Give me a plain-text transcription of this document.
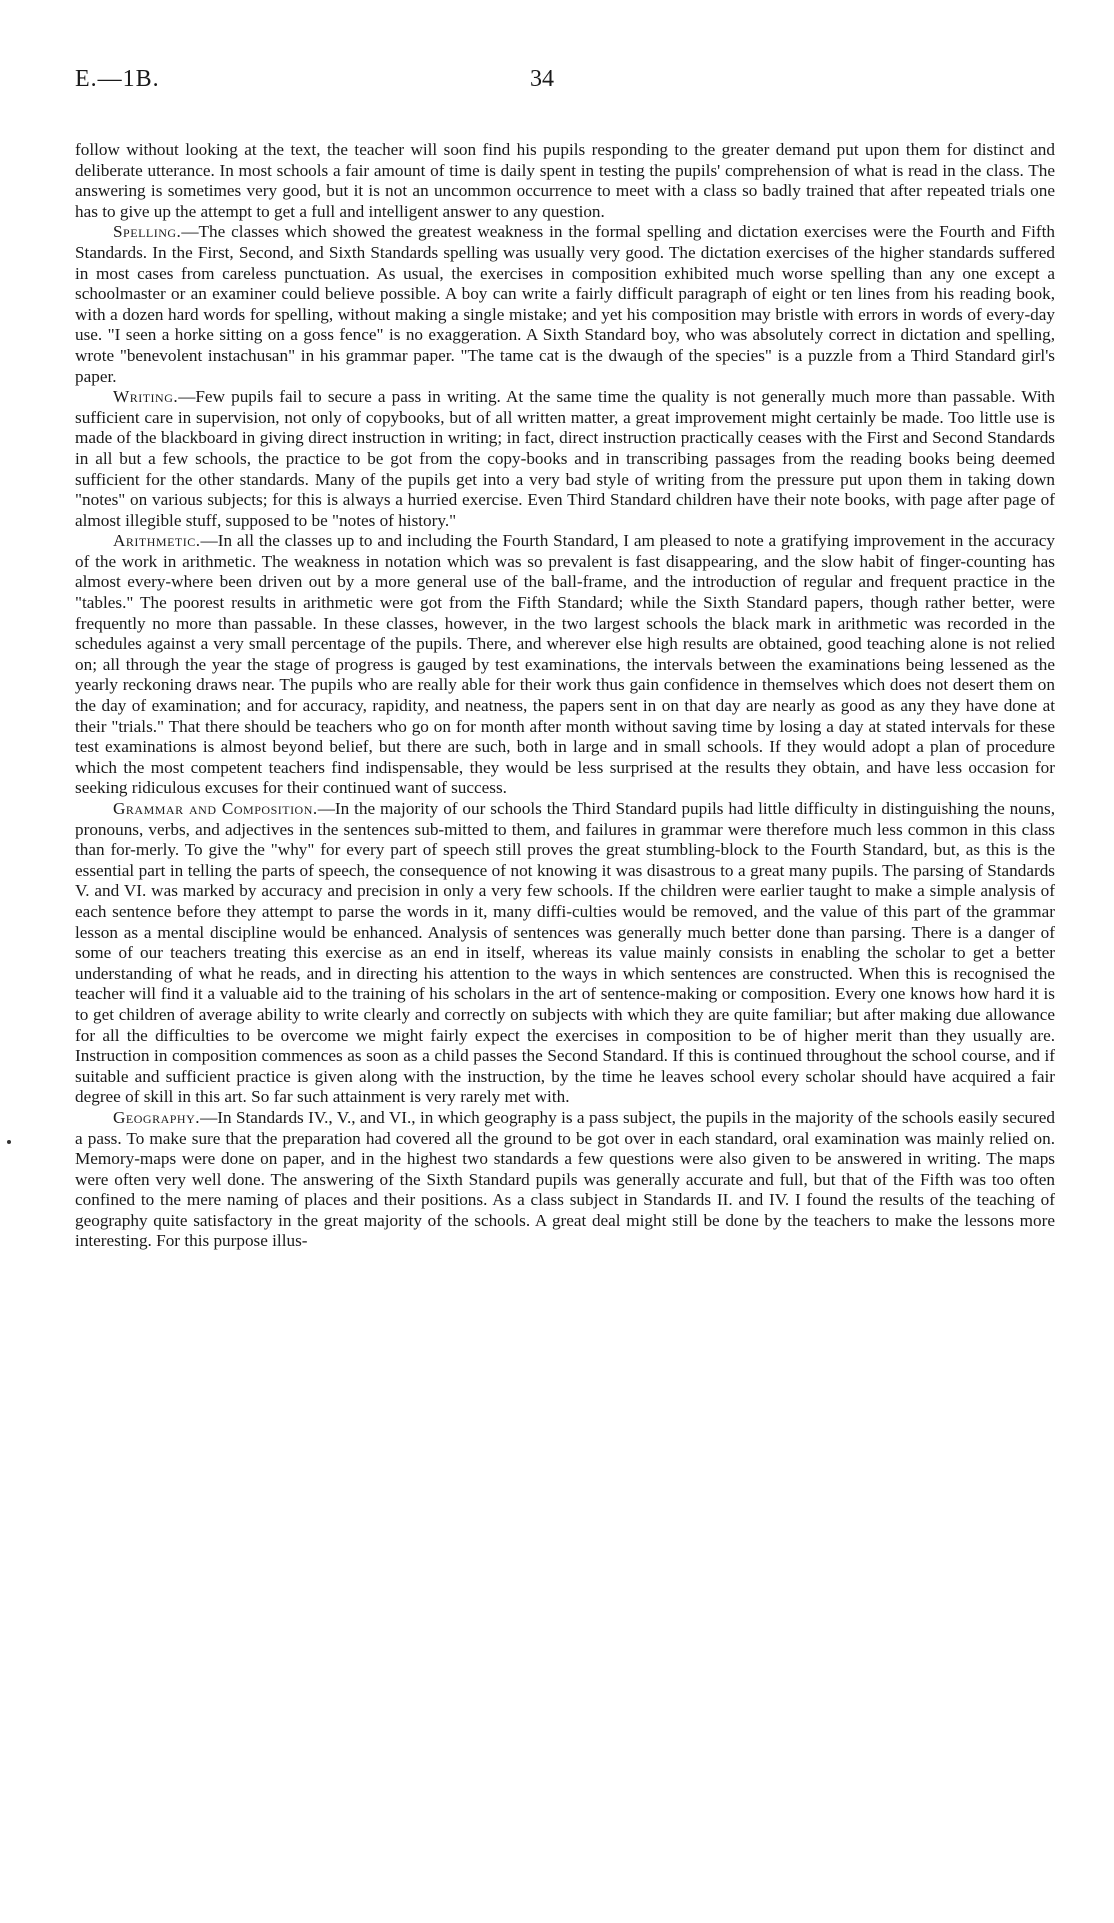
E.—1B.	34

follow without looking at the text, the teacher will soon find his pupils responding to the greater demand put upon them for distinct and deliberate utterance. In most schools a fair amount of time is daily spent in testing the pupils' comprehension of what is read in the class. The answering is sometimes very good, but it is not an uncommon occurrence to meet with a class so badly trained that after repeated trials one has to give up the attempt to get a full and intelligent answer to any question.

Spelling.—The classes which showed the greatest weakness in the formal spelling and dictation exercises were the Fourth and Fifth Standards. In the First, Second, and Sixth Standards spelling was usually very good. The dictation exercises of the higher standards suffered in most cases from careless punctuation. As usual, the exercises in composition exhibited much worse spelling than any one except a schoolmaster or an examiner could believe possible. A boy can write a fairly difficult paragraph of eight or ten lines from his reading book, with a dozen hard words for spelling, without making a single mistake; and yet his composition may bristle with errors in words of every-day use. "I seen a horke sitting on a goss fence" is no exaggeration. A Sixth Standard boy, who was absolutely correct in dictation and spelling, wrote "benevolent instachusan" in his grammar paper. "The tame cat is the dwaugh of the species" is a puzzle from a Third Standard girl's paper.

Writing.—Few pupils fail to secure a pass in writing. At the same time the quality is not generally much more than passable. With sufficient care in supervision, not only of copybooks, but of all written matter, a great improvement might certainly be made. Too little use is made of the blackboard in giving direct instruction in writing; in fact, direct instruction practically ceases with the First and Second Standards in all but a few schools, the practice to be got from the copy-books and in transcribing passages from the reading books being deemed sufficient for the other standards. Many of the pupils get into a very bad style of writing from the pressure put upon them in taking down "notes" on various subjects; for this is always a hurried exercise. Even Third Standard children have their note books, with page after page of almost illegible stuff, supposed to be "notes of history."

Arithmetic.—In all the classes up to and including the Fourth Standard, I am pleased to note a gratifying improvement in the accuracy of the work in arithmetic. The weakness in notation which was so prevalent is fast disappearing, and the slow habit of finger-counting has almost every-where been driven out by a more general use of the ball-frame, and the introduction of regular and frequent practice in the "tables." The poorest results in arithmetic were got from the Fifth Standard; while the Sixth Standard papers, though rather better, were frequently no more than passable. In these classes, however, in the two largest schools the black mark in arithmetic was recorded in the schedules against a very small percentage of the pupils. There, and wherever else high results are obtained, good teaching alone is not relied on; all through the year the stage of progress is gauged by test examinations, the intervals between the examinations being lessened as the yearly reckoning draws near. The pupils who are really able for their work thus gain confidence in themselves which does not desert them on the day of examination; and for accuracy, rapidity, and neatness, the papers sent in on that day are nearly as good as any they have done at their "trials." That there should be teachers who go on for month after month without saving time by losing a day at stated intervals for these test examinations is almost beyond belief, but there are such, both in large and in small schools. If they would adopt a plan of procedure which the most competent teachers find indispensable, they would be less surprised at the results they obtain, and have less occasion for seeking ridiculous excuses for their continued want of success.

Grammar and Composition.—In the majority of our schools the Third Standard pupils had little difficulty in distinguishing the nouns, pronouns, verbs, and adjectives in the sentences sub-mitted to them, and failures in grammar were therefore much less common in this class than for-merly. To give the "why" for every part of speech still proves the great stumbling-block to the Fourth Standard, but, as this is the essential part in telling the parts of speech, the consequence of not knowing it was disastrous to a great many pupils. The parsing of Standards V. and VI. was marked by accuracy and precision in only a very few schools. If the children were earlier taught to make a simple analysis of each sentence before they attempt to parse the words in it, many diffi-culties would be removed, and the value of this part of the grammar lesson as a mental discipline would be enhanced. Analysis of sentences was generally much better done than parsing. There is a danger of some of our teachers treating this exercise as an end in itself, whereas its value mainly consists in enabling the scholar to get a better understanding of what he reads, and in directing his attention to the ways in which sentences are constructed. When this is recognised the teacher will find it a valuable aid to the training of his scholars in the art of sentence-making or composition. Every one knows how hard it is to get children of average ability to write clearly and correctly on subjects with which they are quite familiar; but after making due allowance for all the difficulties to be overcome we might fairly expect the exercises in composition to be of higher merit than they usually are. Instruction in composition commences as soon as a child passes the Second Standard. If this is continued throughout the school course, and if suitable and sufficient practice is given along with the instruction, by the time he leaves school every scholar should have acquired a fair degree of skill in this art. So far such attainment is very rarely met with.

Geography.—In Standards IV., V., and VI., in which geography is a pass subject, the pupils in the majority of the schools easily secured a pass. To make sure that the preparation had covered all the ground to be got over in each standard, oral examination was mainly relied on. Memory-maps were done on paper, and in the highest two standards a few questions were also given to be answered in writing. The maps were often very well done. The answering of the Sixth Standard pupils was generally accurate and full, but that of the Fifth was too often confined to the mere naming of places and their positions. As a class subject in Standards II. and IV. I found the results of the teaching of geography quite satisfactory in the great majority of the schools. A great deal might still be done by the teachers to make the lessons more interesting. For this purpose illus-
